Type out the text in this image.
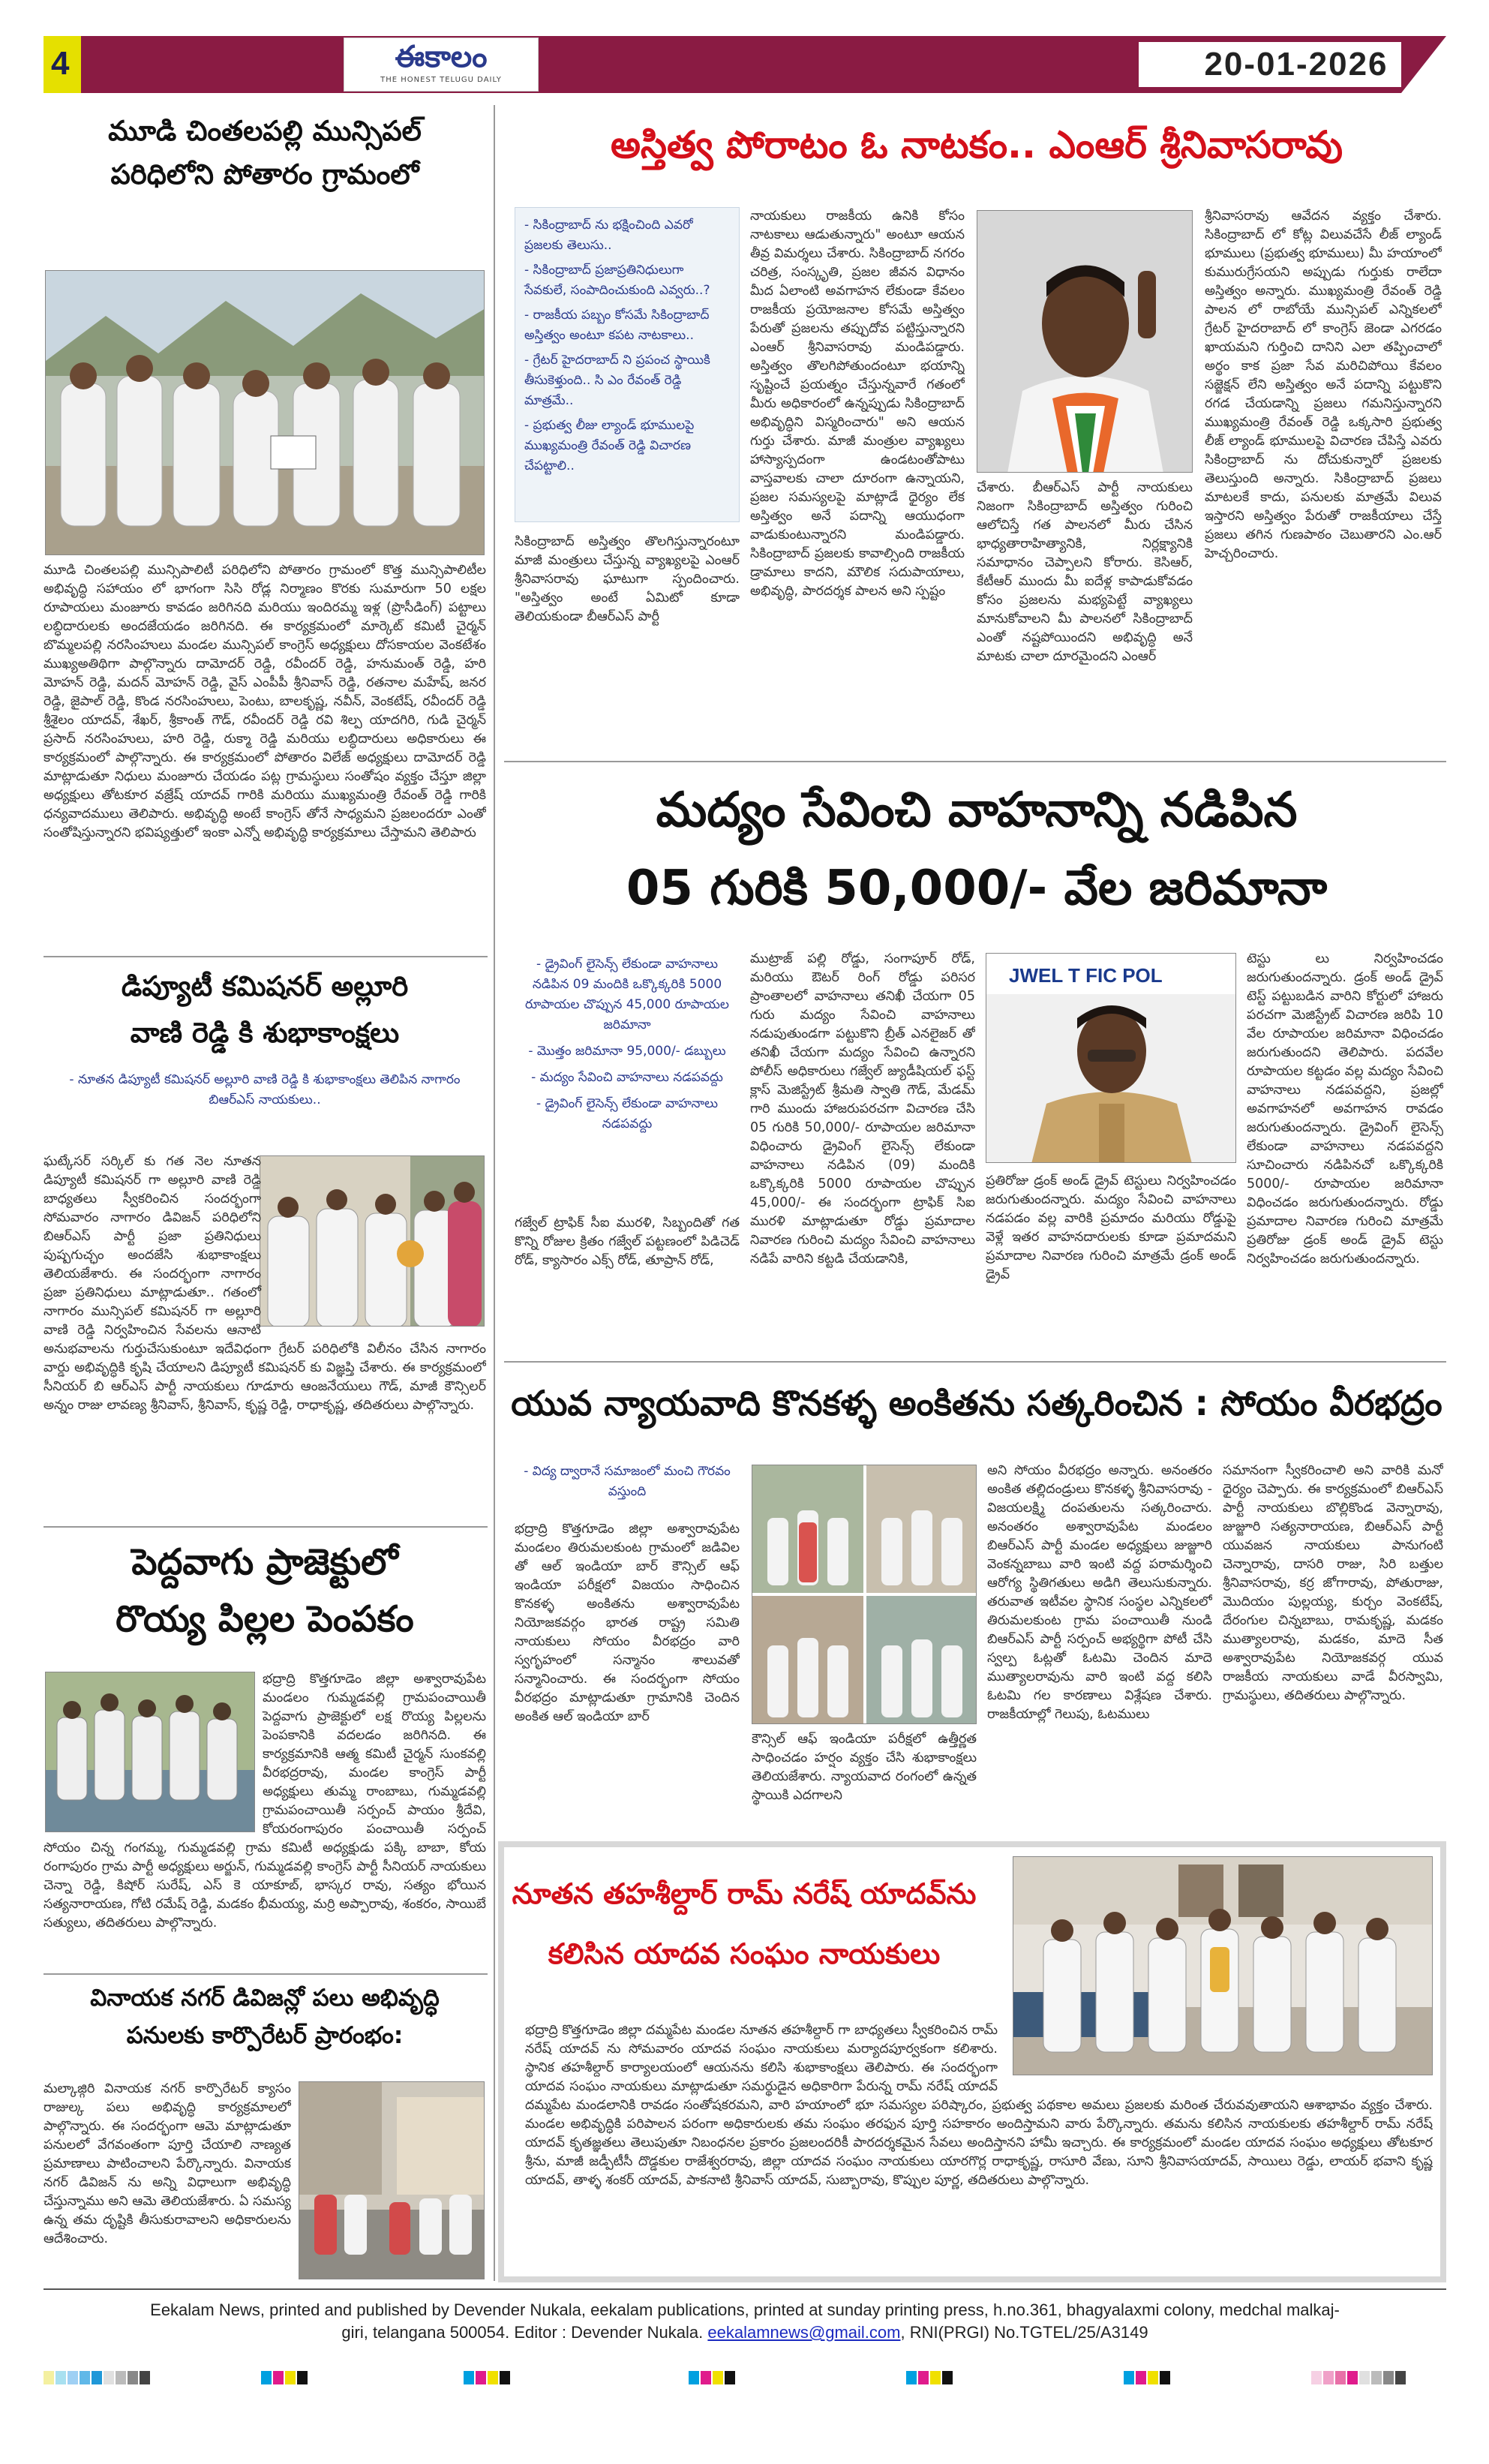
4	ఈకాలం
THE HONEST TELUGU DAILY	20-01-2026
మూడి చింతలపల్లి మున్సిపల్
పరిధిలోని పోతారం గ్రామంలో
మూడి చింతలపల్లి మున్సిపాలిటీ పరిధిలోని పోతారం గ్రామంలో కొత్త మున్సిపాలిటీల అభివృద్ధి సహాయం లో భాగంగా సిసి రోడ్ల నిర్మాణం కొరకు సుమారుగా 50 లక్షల రూపాయలు మంజూరు కావడం జరిగినది మరియు ఇందిరమ్మ ఇళ్ల (ప్రొసీడింగ్) పట్టాలు లబ్ధిదారులకు అందజేయడం జరిగినది. ఈ కార్యక్రమంలో మార్కెట్ కమిటీ చైర్మన్ బొమ్మలపల్లి నరసింహులు మండల మున్సిపల్ కాంగ్రెస్ అధ్యక్షులు దోసకాయల వెంకటేశం ముఖ్యఅతిథిగా పాల్గొన్నారు దామోదర్ రెడ్డి, రవీందర్ రెడ్డి, హనుమంత్ రెడ్డి, హరి మోహన్ రెడ్డి, మదన్ మోహన్ రెడ్డి, వైస్ ఎంపీపీ శ్రీనివాస్ రెడ్డి, రతనాల మహేష్, జనర రెడ్డి, జైపాల్ రెడ్డి, కొండ నరసింహులు, పెంటు, బాలకృష్ణ, నవీన్, వెంకటేష్, రవీందర్ రెడ్డి శ్రీశైలం యాదవ్, శేఖర్, శ్రీకాంత్ గౌడ్, రవీందర్ రెడ్డి రవి శిల్ప యాదగిరి, గుడి చైర్మన్ ప్రసాద్ నరసింహులు, హరి రెడ్డి, రుక్మా రెడ్డి మరియు లబ్ధిదారులు అధికారులు ఈ కార్యక్రమంలో పాల్గొన్నారు. ఈ కార్యక్రమంలో పోతారం విలేజ్ అధ్యక్షులు దామోదర్ రెడ్డి మాట్లాడుతూ నిధులు మంజూరు చేయడం పట్ల గ్రామస్థులు సంతోషం వ్యక్తం చేస్తూ జిల్లా అధ్యక్షులు తోటకూర వజ్రేష్ యాదవ్ గారికి మరియు ముఖ్యమంత్రి రేవంత్ రెడ్డి గారికి ధన్యవాదములు తెలిపారు. అభివృద్ధి అంటే కాంగ్రెస్ తోనే సాధ్యమని ప్రజలందరూ ఎంతో సంతోషిస్తున్నారని భవిష్యత్తులో ఇంకా ఎన్నో అభివృద్ధి కార్యక్రమాలు చేస్తామని తెలిపారు
డిప్యూటీ కమిషనర్ అల్లూరి
వాణి రెడ్డి కి శుభాకాంక్షలు
- నూతన డిప్యూటీ కమిషనర్ అల్లూరి వాణి రెడ్డి కి శుభాకాంక్షలు తెలిపిన నాగారం బిఆర్ఎస్ నాయకులు..
ఘట్కేసర్ సర్కిల్ కు గత నెల నూతన డిప్యూటీ కమిషనర్ గా అల్లూరి వాణి రెడ్డి బాధ్యతలు స్వీకరించిన సందర్భంగా సోమవారం నాగారం డివిజన్ పరిధిలోని బిఆర్ఎస్ పార్టీ ప్రజా ప్రతినిధులు పుష్పగుచ్ఛం అందజేసి శుభాకాంక్షలు తెలియజేశారు. ఈ సందర్భంగా నాగారం ప్రజా ప్రతినిధులు మాట్లాడుతూ.. గతంలో నాగారం మున్సిపల్ కమిషనర్ గా అల్లూరి వాణి రెడ్డి నిర్వహించిన సేవలను ఆనాటి అనుభవాలను గుర్తుచేసుకుంటూ ఇదేవిధంగా గ్రేటర్ పరిధిలోకి విలీనం చేసిన నాగారం వార్డు అభివృద్ధికి కృషి చేయాలని డిప్యూటీ కమిషనర్ కు విజ్ఞప్తి చేశారు. ఈ కార్యక్రమంలో సీనియర్ బి ఆర్ఎస్ పార్టీ నాయకులు గూడూరు ఆంజనేయులు గౌడ్, మాజీ కౌన్సిలర్ అన్నం రాజు లావణ్య శ్రీనివాస్, శ్రీనివాస్, కృష్ణ రెడ్డి, రాధాకృష్ణ, తదితరులు పాల్గొన్నారు.
పెద్దవాగు ప్రాజెక్టులో
రొయ్య పిల్లల పెంపకం
భద్రాద్రి కొత్తగూడెం జిల్లా అశ్వారావుపేట మండలం గుమ్మడవల్లి గ్రామపంచాయితీ పెద్దవాగు ప్రాజెక్టులో లక్ష రొయ్య పిల్లలను పెంపకానికి వదలడం జరిగినది. ఈ కార్యక్రమానికి ఆత్మ కమిటీ చైర్మన్ సుంకవల్లి వీరభద్రరావు, మండల కాంగ్రెస్ పార్టీ అధ్యక్షులు తుమ్మ రాంబాబు, గుమ్మడవల్లి గ్రామపంచాయితీ సర్పంచ్ పాయం శ్రీదేవి, కోయరంగాపురం పంచాయితీ సర్పంచ్ సోయం చిన్న గంగమ్మ, గుమ్మడవల్లి గ్రామ కమిటీ అధ్యక్షుడు పక్కి బాబా, కోయ రంగాపురం గ్రామ పార్టీ అధ్యక్షులు అర్జున్, గుమ్మడవల్లి కాంగ్రెస్ పార్టీ సీనియర్ నాయకులు చెన్నా రెడ్డి, కిషోర్ సురేష్, ఎస్ కె యాకూబ్, భాస్కర రావు, సత్యం భోయిన సత్యనారాయణ, గోటి రమేష్ రెడ్డి, మడకం భీమయ్య, మర్రి అప్పారావు, శంకరం, సాయిబే సత్యులు, తదితరులు పాల్గొన్నారు.
వినాయక నగర్ డివిజన్లో పలు అభివృద్ధి
పనులకు కార్పొరేటర్ ప్రారంభం:
మల్కాజ్గిరి వినాయక నగర్ కార్పొరేటర్ క్యాసం రాజుల్క పలు అభివృద్ధి కార్యక్రమాలలో పాల్గొన్నారు. ఈ సందర్భంగా ఆమె మాట్లాడుతూ పనులలో వేగవంతంగా పూర్తి చేయాలి నాణ్యత ప్రమాణాలు పాటించాలని పేర్కొన్నారు. వినాయక నగర్ డివిజన్ ను అన్ని విధాలుగా అభివృద్ధి చేస్తున్నాము అని ఆమె తెలియజేశారు. ఏ సమస్య ఉన్న తమ దృష్టికి తీసుకురావాలని అధికారులను ఆదేశించారు.
అస్తిత్వ పోరాటం ఓ నాటకం.. ఎంఆర్ శ్రీనివాసరావు
- సికింద్రాబాద్ ను భక్షించింది ఎవరో ప్రజలకు తెలుసు..
- సికింద్రాబాద్ ప్రజాప్రతినిధులుగా సేవకులే, సంపాదించుకుంది ఎవ్వరు..?
- రాజకీయ పబ్బం కోసమే సికింద్రాబాద్ అస్తిత్వం అంటూ కపట నాటకాలు..
- గ్రేటర్ హైదరాబాద్ ని ప్రపంచ స్థాయికి తీసుకెళ్తుంది.. సి ఎం రేవంత్ రెడ్డి మాత్రమే..
- ప్రభుత్వ లీజు ల్యాండ్ భూములపై ముఖ్యమంత్రి రేవంత్ రెడ్డి విచారణ చేపట్టాలి..
సికింద్రాబాద్ అస్తిత్వం తొలగిస్తున్నారంటూ మాజీ మంత్రులు చేస్తున్న వ్యాఖ్యలపై ఎంఆర్ శ్రీనివాసరావు ఘాటుగా స్పందించారు. "అస్తిత్వం అంటే ఏమిటో కూడా తెలియకుండా బీఆర్ఎస్ పార్టీ
నాయకులు రాజకీయ ఉనికి కోసం నాటకాలు ఆడుతున్నారు" అంటూ ఆయన తీవ్ర విమర్శలు చేశారు. సికింద్రాబాద్ నగరం చరిత్ర, సంస్కృతి, ప్రజల జీవన విధానం మీద ఏలాంటి అవగాహన లేకుండా కేవలం రాజకీయ ప్రయోజనాల కోసమే అస్తిత్వం పేరుతో ప్రజలను తప్పుదోవ పట్టిస్తున్నారని ఎంఆర్ శ్రీనివాసరావు మండిపడ్డారు. అస్తిత్వం తొలగిపోతుందంటూ భయాన్ని సృష్టించే ప్రయత్నం చేస్తున్నవారే గతంలో మీరు అధికారంలో ఉన్నప్పుడు సికింద్రాబాద్ అభివృద్ధిని విస్మరించారు" అని ఆయన గుర్తు చేశారు. మాజీ మంత్రుల వ్యాఖ్యలు హాస్యాస్పదంగా ఉండటంతోపాటు వాస్తవాలకు చాలా దూరంగా ఉన్నాయని, ప్రజల సమస్యలపై మాట్లాడే ధైర్యం లేక అస్తిత్వం అనే పదాన్ని ఆయుధంగా వాడుకుంటున్నారని మండిపడ్డారు. సికింద్రాబాద్ ప్రజలకు కావాల్సింది రాజకీయ డ్రామాలు కాదని, మౌలిక సదుపాయాలు, అభివృద్ధి, పారదర్శక పాలన అని స్పష్టం
చేశారు. బీఆర్ఎస్ పార్టీ నాయకులు నిజంగా సికింద్రాబాద్ అస్తిత్వం గురించి ఆలోచిస్తే గత పాలనలో మీరు చేసిన భాధ్యతారాహిత్యానికి, నిర్లక్ష్యానికి సమాధానం చెప్పాలని కోరారు. కెసిఆర్, కేటీఆర్ ముందు మీ ఐదేళ్ల కాపాడుకోవడం కోసం ప్రజలను మభ్యపెట్టే వ్యాఖ్యలు మానుకోవాలని మీ పాలనలో సికింద్రాబాద్ ఎంతో నష్టపోయిందని అభివృద్ధి అనే మాటకు చాలా దూరమైందని ఎంఆర్
శ్రీనివాసరావు ఆవేదన వ్యక్తం చేశారు. సికింద్రాబాద్ లో కోట్ల విలువచేసే లీజ్ ల్యాండ్ భూములు (ప్రభుత్వ భూములు) మీ హయాంలో కుమురుగ్రేసయని అప్పుడు గుర్తుకు రాలేదా అస్తిత్వం అన్నారు. ముఖ్యమంత్రి రేవంత్ రెడ్డి పాలన లో రాబోయే మున్సిపల్ ఎన్నికలలో గ్రేటర్ హైదరాబాద్ లో కాంగ్రెస్ జెండా ఎగరడం ఖాయమని గుర్తించి దానిని ఎలా తప్పించాలో అర్థం కాక ప్రజా సేవ మరిచిపోయి కేవలం సజ్జెక్షన్ లేని అస్తిత్వం అనే పదాన్ని పట్టుకొని రగడ చేయడాన్ని ప్రజలు గమనిస్తున్నారని ముఖ్యమంత్రి రేవంత్ రెడ్డి ఒక్కసారి ప్రభుత్వ లీజ్ ల్యాండ్ భూములపై విచారణ చేపిస్తే ఎవరు సికింద్రాబాద్ ను దోచుకున్నారో ప్రజలకు తెలుస్తుంది అన్నారు. సికింద్రాబాద్ ప్రజలు మాటలకే కాదు, పనులకు మాత్రమే విలువ ఇస్తారని అస్తిత్వం పేరుతో రాజకీయాలు చేస్తే ప్రజలు తగిన గుణపాఠం చెబుతారని ఎం.ఆర్ హెచ్చరించారు.
మద్యం సేవించి వాహనాన్ని నడిపిన
05 గురికి 50,000/- వేల జరిమానా
- డ్రైవింగ్ లైసెన్స్ లేకుండా వాహనాలు నడిపిన 09 మందికి ఒక్కొక్కరికి 5000 రూపాయల చొప్పున 45,000 రూపాయల జరిమానా
- మొత్తం జరిమానా 95,000/- డబ్బులు
- మద్యం సేవించి వాహనాలు నడపవద్దు
- డ్రైవింగ్ లైసెన్స్ లేకుండా వాహనాలు నడపవద్దు
గజ్వేల్ ట్రాఫిక్ సీఐ మురళి, సిబ్బందితో గత కొన్ని రోజుల క్రితం గజ్వేల్ పట్టణంలో పిడిచెడ్ రోడ్, క్యాసారం ఎక్స్ రోడ్, తూప్రాన్ రోడ్,
ముట్రాజ్ పల్లి రోడ్డు, సంగాపూర్ రోడ్, మరియు ఔటర్ రింగ్ రోడ్డు పరిసర ప్రాంతాలలో వాహనాలు తనిఖీ చేయగా 05 గురు మద్యం సేవించి వాహనాలు నడుపుతుండగా పట్టుకొని బ్రీత్ ఎనలైజర్ తో తనిఖీ చేయగా మద్యం సేవించి ఉన్నారని పోలీస్ అధికారులు గజ్వేల్ జ్యుడీషియల్ ఫస్ట్ క్లాస్ మెజిస్ట్రేట్ శ్రీమతి స్వాతి గౌడ్, మేడమ్ గారి ముందు హాజరుపరచగా విచారణ చేసి 05 గురికి 50,000/- రూపాయల జరిమానా విధించారు డ్రైవింగ్ లైసెన్స్ లేకుండా వాహనాలు నడిపిన (09) మందికి ఒక్కొక్కరికి 5000 రూపాయల చొప్పున 45,000/- ఈ సందర్భంగా ట్రాఫిక్ సిఐ మురళి మాట్లాడుతూ రోడ్డు ప్రమాదాల నివారణ గురించి మద్యం సేవించి వాహనాలు నడిపే వారిని కట్టడి చేయడానికి,
JWEL T FIC POL
ప్రతిరోజు డ్రంక్ అండ్ డ్రైవ్ టెస్టులు నిర్వహించడం జరుగుతుందన్నారు. మద్యం సేవించి వాహనాలు నడపడం వల్ల వారికి ప్రమాదం మరియు రోడ్డుపై వెళ్లే ఇతర వాహనదారులకు కూడా ప్రమాదమని ప్రమాదాల నివారణ గురించి మాత్రమే డ్రంక్ అండ్ డ్రైవ్
టెస్టు లు నిర్వహించడం జరుగుతుందన్నారు. డ్రంక్ అండ్ డ్రైవ్ టెస్ట్ పట్టుబడిన వారిని కోర్టులో హాజరు పరచగా మెజిస్ట్రేట్ విచారణ జరిపి 10 వేల రూపాయల జరిమానా విధించడం జరుగుతుందని తెలిపారు. పదవేల రూపాయల కట్టడం వల్ల మద్యం సేవించి వాహనాలు నడపవద్దని, ప్రజల్లో అవగాహనలో అవగాహన రావడం జరుగుతుందన్నారు. డ్రైవింగ్ లైసెన్స్ లేకుండా వాహనాలు నడపవద్దని సూచించారు నడిపినచో ఒక్కొక్కరికి 5000/- రూపాయల జరిమానా విధించడం జరుగుతుందన్నారు. రోడ్డు ప్రమాదాల నివారణ గురించి మాత్రమే ప్రతిరోజు డ్రంక్ అండ్ డ్రైవ్ టెస్టు నిర్వహించడం జరుగుతుందన్నారు.
యువ న్యాయవాది కొనకళ్ళ అంకితను సత్కరించిన : సోయం వీరభద్రం
- విద్య ద్వారానే సమాజంలో మంచి గౌరవం వస్తుంది
భద్రాద్రి కొత్తగూడెం జిల్లా అశ్వారావుపేట మండలం తిరుమలకుంట గ్రామంలో జడివిల తో ఆల్ ఇండియా బార్ కౌన్సిల్ ఆఫ్ ఇండియా పరీక్షలో విజయం సాధించిన కొనకళ్ళ అంకితను అశ్వారావుపేట నియోజకవర్గం భారత రాష్ట్ర సమితి నాయకులు సోయం వీరభద్రం వారి స్వగృహంలో సన్మానం శాలువతో సన్మానించారు. ఈ సందర్భంగా సోయం వీరభద్రం మాట్లాడుతూ గ్రామానికి చెందిన అంకిత ఆల్ ఇండియా బార్
కౌన్సిల్ ఆఫ్ ఇండియా పరీక్షలో ఉత్తీర్ణత సాధించడం హర్షం వ్యక్తం చేసి శుభాకాంక్షలు తెలియజేశారు. న్యాయవాద రంగంలో ఉన్నత స్థాయికి ఎదగాలని
అని సోయం వీరభద్రం అన్నారు. అనంతరం అంకిత తల్లిదండ్రులు కొనకళ్ళ శ్రీనివాసరావు - విజయలక్ష్మి దంపతులను సత్కరించారు. అనంతరం అశ్వారావుపేట మండలం బిఆర్ఎస్ పార్టీ మండల అధ్యక్షులు జుజ్జూరి వెంకన్నబాబు వారి ఇంటి వద్ద పరామర్శించి ఆరోగ్య స్థితిగతులు అడిగి తెలుసుకున్నారు. తరువాత ఇటీవల స్థానిక సంస్థల ఎన్నికలలో తిరుమలకుంట గ్రామ పంచాయితీ నుండి బిఆర్ఎస్ పార్టీ సర్పంచ్ అభ్యర్థిగా పోటీ చేసి స్వల్ప ఓట్లతో ఓటమి చెందిన మాదె ముత్యాలరావును వారి ఇంటి వద్ద కలిసి ఓటమి గల కారణాలు విశ్లేషణ చేశారు. రాజకీయాల్లో గెలుపు, ఓటములు
సమానంగా స్వీకరించాలి అని వారికి మనో ధైర్యం చెప్పారు. ఈ కార్యక్రమంలో బిఆర్ఎస్ పార్టీ నాయకులు బొల్లికొండ వెన్నారావు, జుజ్జూరి సత్యనారాయణ, బిఆర్ఎస్ పార్టీ యువజన నాయకులు పానుగంటి చెన్నారావు, దాసరి రాజు, సిరి బత్తుల శ్రీనివాసరావు, కర్ర జోగారావు, పోతురాజు, మొదియం పుల్లయ్య, కుర్చం వెంకటేష్, దేరంగుల చిన్నబాబు, రామకృష్ణ, మడకం ముత్యాలరావు, మడకం, మాదె సీత అశ్వారావుపేట నియోజకవర్గ యువ రాజకీయ నాయకులు వాడే వీరస్వామి, గ్రామస్థులు, తదితరులు పాల్గొన్నారు.
నూతన తహశీల్దార్ రామ్ నరేష్ యాదవ్‌ను
కలిసిన యాదవ సంఘం నాయకులు
భద్రాద్రి కొత్తగూడెం జిల్లా దమ్మపేట మండల నూతన తహశీల్దార్ గా బాధ్యతలు స్వీకరించిన రామ్ నరేష్ యాదవ్ ను సోమవారం యాదవ సంఘం నాయకులు మర్యాదపూర్వకంగా కలిశారు. స్థానిక తహశీల్దార్ కార్యాలయంలో ఆయనను కలిసి శుభాకాంక్షలు తెలిపారు. ఈ సందర్భంగా యాదవ సంఘం నాయకులు మాట్లాడుతూ సమర్థుడైన అధికారిగా పేరున్న రామ్ నరేష్ యాదవ్ దమ్మపేట మండలానికి రావడం సంతోషకరమని, వారి హయాంలో భూ సమస్యల పరిష్కారం, ప్రభుత్వ పథకాల అమలు ప్రజలకు మరింత చేరువవుతాయని ఆశాభావం వ్యక్తం చేశారు. మండల అభివృద్ధికి పరిపాలన పరంగా అధికారులకు తమ సంఘం తరఫున పూర్తి సహకారం అందిస్తామని వారు పేర్కొన్నారు. తమను కలిసిన నాయకులకు తహశీల్దార్ రామ్ నరేష్ యాదవ్ కృతజ్ఞతలు తెలుపుతూ నిబంధనల ప్రకారం ప్రజలందరికీ పారదర్శకమైన సేవలు అందిస్తానని హామీ ఇచ్చారు. ఈ కార్యక్రమంలో మండల యాదవ సంఘం అధ్యక్షులు తోటకూర శ్రీను, మాజీ జడ్పీటీసీ దొడ్డకుల రాజేశ్వరరావు, జిల్లా యాదవ సంఘం నాయకులు యారగొర్ల రాధాకృష్ణ, రాసూరి వేణు, సూని శ్రీనివాసయాదవ్, సాయిలు రెడ్డు, లాయర్ భవాని కృష్ణ యాదవ్, తాళ్ళ శంకర్ యాదవ్, పాకనాటి శ్రీనివాస్ యాదవ్, సుబ్బారావు, కొప్పుల పూర్ణ, తదితరులు పాల్గొన్నారు.
Eekalam News, printed and published by Devender Nukala, eekalam publications, printed at sunday printing press, h.no.361, bhagyalaxmi colony, medchal malkaj-
giri, telangana 500054. Editor : Devender Nukala. eekalamnews@gmail.com, RNI(PRGI) No.TGTEL/25/A3149
